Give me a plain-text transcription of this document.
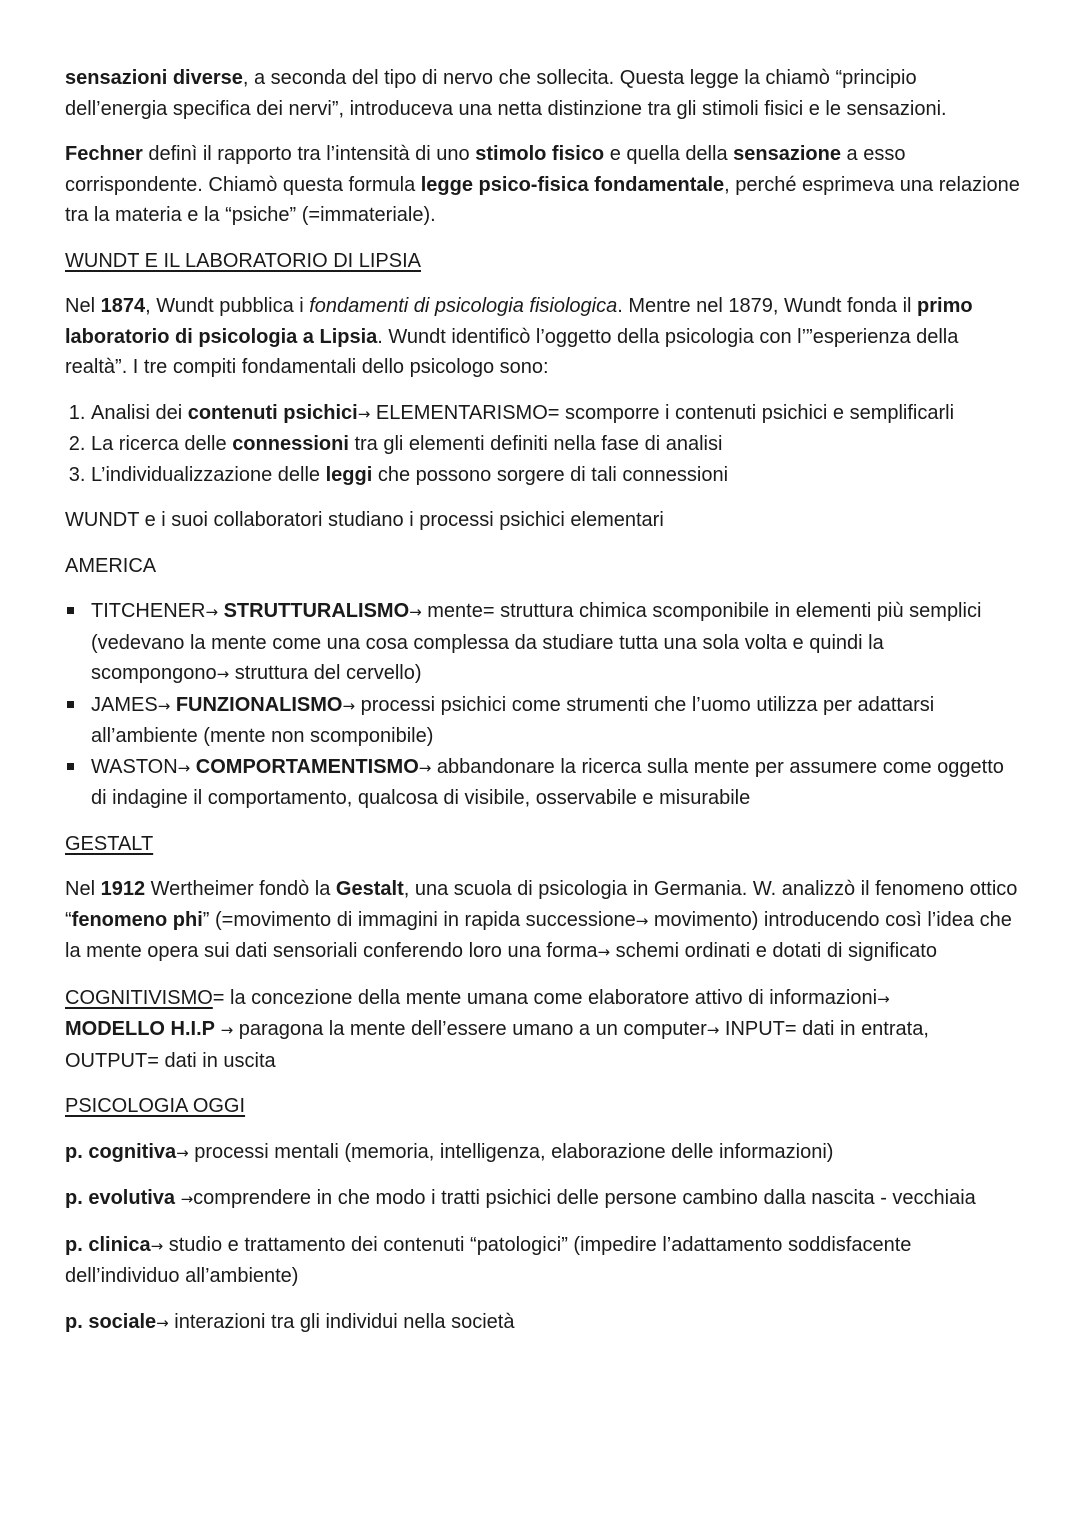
sensazioni diverse, a seconda del tipo di nervo che sollecita. Questa legge la chiamò “principio dell’energia specifica dei nervi”, introduceva una netta distinzione tra gli stimoli fisici e le sensazioni.

Fechner definì il rapporto tra l’intensità di uno stimolo fisico e quella della sensazione a esso corrispondente. Chiamò questa formula legge psico-fisica fondamentale, perché esprimeva una relazione tra la materia e la “psiche” (=immateriale).

WUNDT E IL LABORATORIO DI LIPSIA

Nel 1874, Wundt pubblica i fondamenti di psicologia fisiologica. Mentre nel 1879, Wundt fonda il primo laboratorio di psicologia a Lipsia. Wundt identificò l’oggetto della psicologia con l’”esperienza della realtà”. I tre compiti fondamentali dello psicologo sono:

1. Analisi dei contenuti psichici→ ELEMENTARISMO= scomporre i contenuti psichici e semplificarli
2. La ricerca delle connessioni tra gli elementi definiti nella fase di analisi
3. L’individualizzazione delle leggi che possono sorgere di tali connessioni

WUNDT e i suoi collaboratori studiano i processi psichici elementari

AMERICA

TITCHENER→ STRUTTURALISMO→ mente= struttura chimica scomponibile in elementi più semplici (vedevano la mente come una cosa complessa da studiare tutta una sola volta e quindi la scompongono→ struttura del cervello)
JAMES→ FUNZIONALISMO→ processi psichici come strumenti che l’uomo utilizza per adattarsi all’ambiente (mente non scomponibile)
WASTON→ COMPORTAMENTISMO→ abbandonare la ricerca sulla mente per assumere come oggetto di indagine il comportamento, qualcosa di visibile, osservabile e misurabile

GESTALT

Nel 1912 Wertheimer fondò la Gestalt, una scuola di psicologia in Germania. W. analizzò il fenomeno ottico “fenomeno phi” (=movimento di immagini in rapida successione→ movimento) introducendo così l’idea che la mente opera sui dati sensoriali conferendo loro una forma→ schemi ordinati e dotati di significato

COGNITIVISMO= la concezione della mente umana come elaboratore attivo di informazioni→
MODELLO H.I.P → paragona la mente dell’essere umano a un computer→ INPUT= dati in entrata, OUTPUT= dati in uscita

PSICOLOGIA OGGI

p. cognitiva→ processi mentali (memoria, intelligenza, elaborazione delle informazioni)

p. evolutiva →comprendere in che modo i tratti psichici delle persone cambino dalla nascita - vecchiaia

p. clinica→ studio e trattamento dei contenuti “patologici” (impedire l’adattamento soddisfacente dell’individuo all’ambiente)

p. sociale→ interazioni tra gli individui nella società
